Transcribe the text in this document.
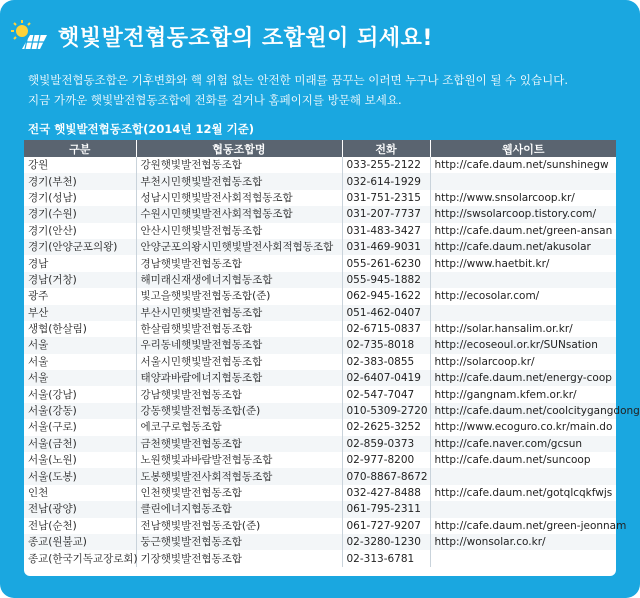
햇빛발전협동조합의 조합원이 되세요!
햇빛발전협동조합은 기후변화와 핵 위험 없는 안전한 미래를 꿈꾸는 이러면 누구나 조합원이 될 수 있습니다.
지금 가까운 햇빛발전협동조합에 전화를 걸거나 홈페이지를 방문해 보세요.
전국 햇빛발전협동조합(2014년 12월 기준)
구분	협동조합명	전화	웹사이트
강원	강원햇빛발전협동조합	033-255-2122	http://cafe.daum.net/sunshinegw
경기(부천)	부천시민햇빛발전협동조합	032-614-1929	
경기(성남)	성남시민햇빛발전사회적협동조합	031-751-2315	http://www.snsolarcoop.kr/
경기(수원)	수원시민햇빛발전사회적협동조합	031-207-7737	http://swsolarcoop.tistory.com/
경기(안산)	안산시민햇빛발전협동조합	031-483-3427	http://cafe.daum.net/green-ansan
경기(안양군포의왕)	안양군포의왕시민햇빛발전사회적협동조합	031-469-9031	http://cafe.daum.net/akusolar
경남	경남햇빛발전협동조합	055-261-6230	http://www.haetbit.kr/
경남(거창)	해미래신재생에너지협동조합	055-945-1882	
광주	빛고을햇빛발전협동조합(준)	062-945-1622	http://ecosolar.com/
부산	부산시민햇빛발전협동조합	051-462-0407	
생협(한살림)	한살림햇빛발전협동조합	02-6715-0837	http://solar.hansalim.or.kr/
서울	우리동네햇빛발전협동조합	02-735-8018	http://ecoseoul.or.kr/SUNsation
서울	서울시민햇빛발전협동조합	02-383-0855	http://solarcoop.kr/
서울	태양과바람에너지협동조합	02-6407-0419	http://cafe.daum.net/energy-coop
서울(강남)	강남햇빛발전협동조합	02-547-7047	http://gangnam.kfem.or.kr/
서울(강동)	강동햇빛발전협동조합(준)	010-5309-2720	http://cafe.daum.net/coolcitygangdong
서울(구로)	에코구로협동조합	02-2625-3252	http://www.ecoguro.co.kr/main.do
서울(금천)	금천햇빛발전협동조합	02-859-0373	http://cafe.naver.com/gcsun
서울(노원)	노원햇빛과바람발전협동조합	02-977-8200	http://cafe.daum.net/suncoop
서울(도봉)	도봉햇빛발전사회적협동조합	070-8867-8672	
인천	인천햇빛발전협동조합	032-427-8488	http://cafe.daum.net/gotqlcqkfwjs
전남(광양)	클린에너지협동조합	061-795-2311	
전남(순천)	전남햇빛발전협동조합(준)	061-727-9207	http://cafe.daum.net/green-jeonnam
종교(원불교)	둥근햇빛발전협동조합	02-3280-1230	http://wonsolar.co.kr/
종교(한국기독교장로회)	기장햇빛발전협동조합	02-313-6781	
